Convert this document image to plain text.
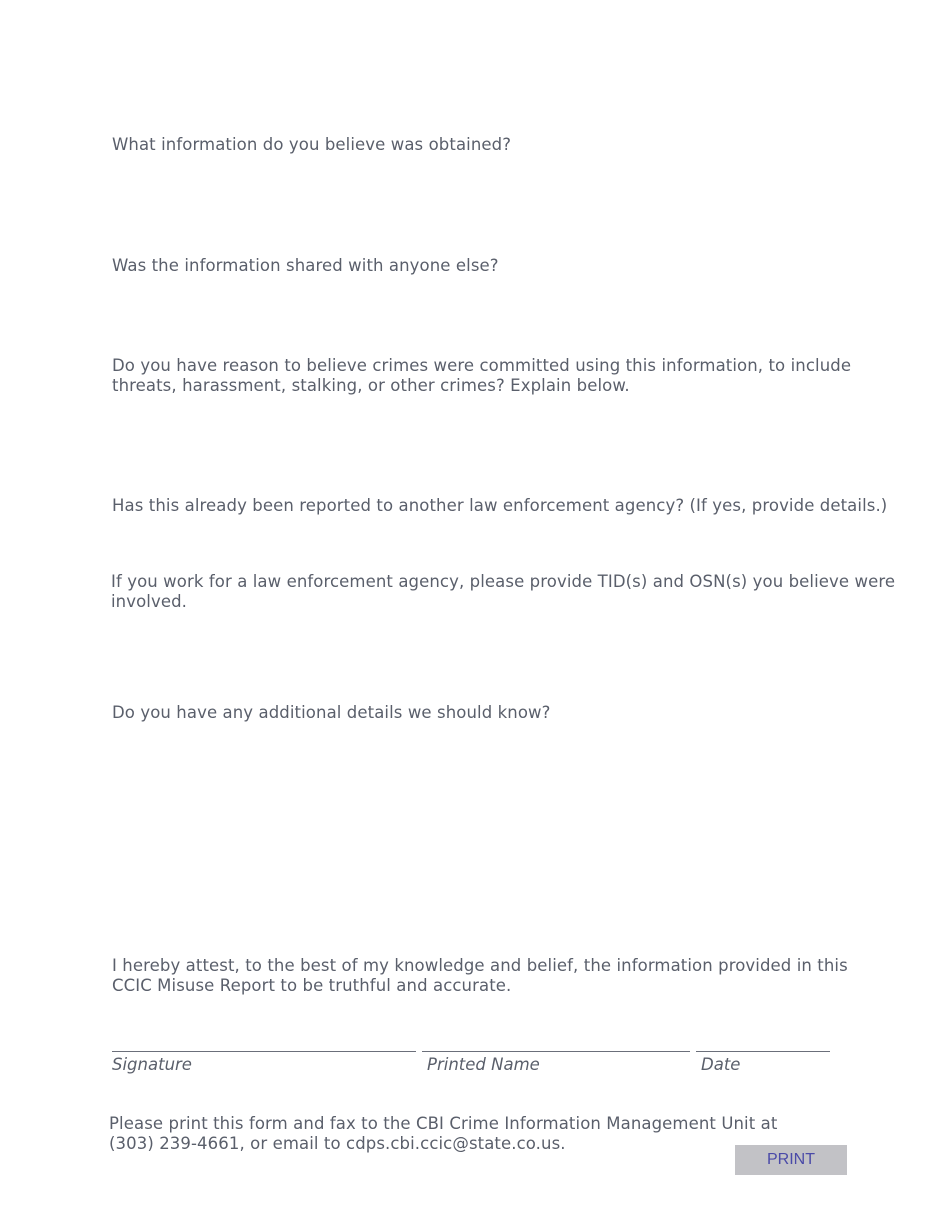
What information do you believe was obtained?

Was the information shared with anyone else?

Do you have reason to believe crimes were committed using this information, to include
threats, harassment, stalking, or other crimes? Explain below.

Has this already been reported to another law enforcement agency? (If yes, provide details.)

If you work for a law enforcement agency, please provide TID(s) and OSN(s) you believe were
involved.

Do you have any additional details we should know?

I hereby attest, to the best of my knowledge and belief, the information provided in this
CCIC Misuse Report to be truthful and accurate.

Signature	Printed Name	Date

Please print this form and fax to the CBI Crime Information Management Unit at
(303) 239-4661, or email to cdps.cbi.ccic@state.co.us.

PRINT
